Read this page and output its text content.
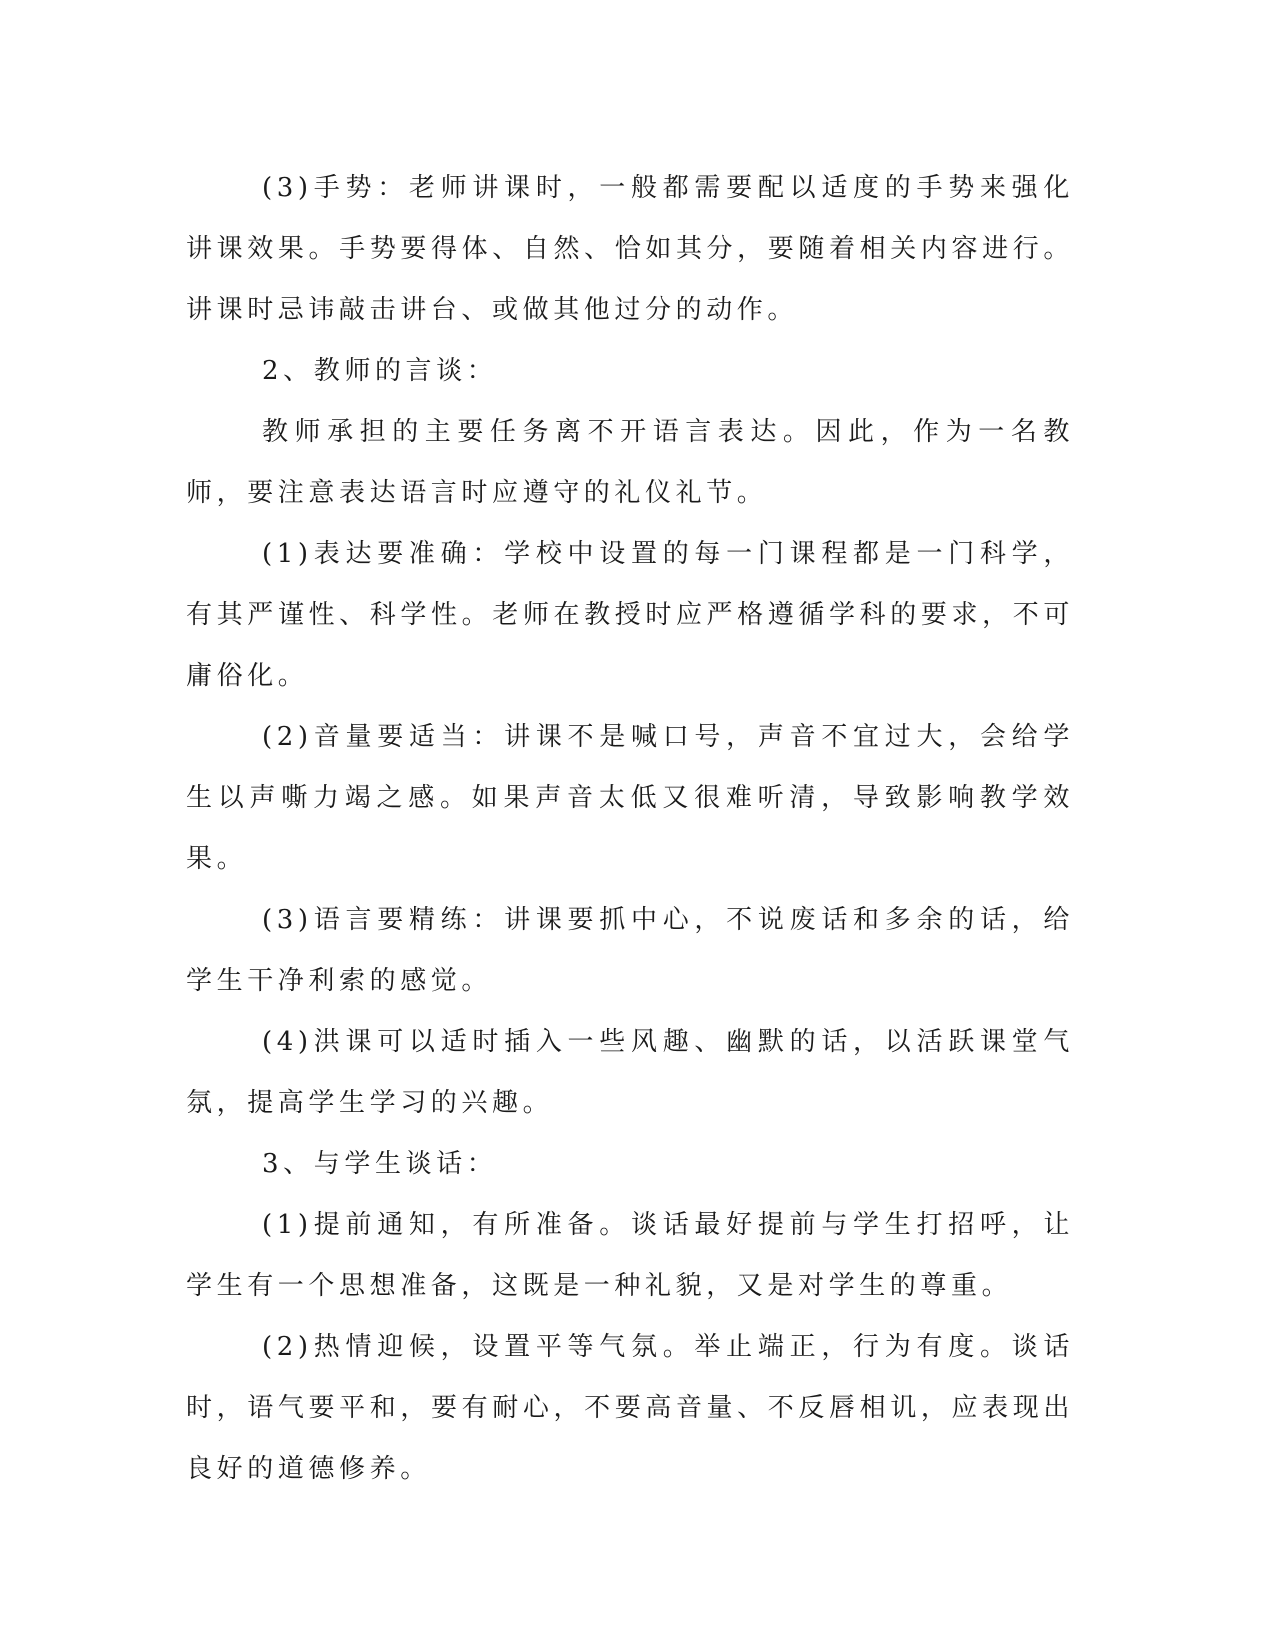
(3)手势：老师讲课时，一般都需要配以适度的手势来强化讲课效果。手势要得体、自然、恰如其分，要随着相关内容进行。讲课时忌讳敲击讲台、或做其他过分的动作。

2、教师的言谈：

教师承担的主要任务离不开语言表达。因此，作为一名教师，要注意表达语言时应遵守的礼仪礼节。

(1)表达要准确：学校中设置的每一门课程都是一门科学，有其严谨性、科学性。老师在教授时应严格遵循学科的要求，不可庸俗化。

(2)音量要适当：讲课不是喊口号，声音不宜过大，会给学生以声嘶力竭之感。如果声音太低又很难听清，导致影响教学效果。

(3)语言要精练：讲课要抓中心，不说废话和多余的话，给学生干净利索的感觉。

(4)洪课可以适时插入一些风趣、幽默的话，以活跃课堂气氛，提高学生学习的兴趣。

3、与学生谈话：

(1)提前通知，有所准备。谈话最好提前与学生打招呼，让学生有一个思想准备，这既是一种礼貌，又是对学生的尊重。

(2)热情迎候，设置平等气氛。举止端正，行为有度。谈话时，语气要平和，要有耐心，不要高音量、不反唇相讥，应表现出良好的道德修养。
